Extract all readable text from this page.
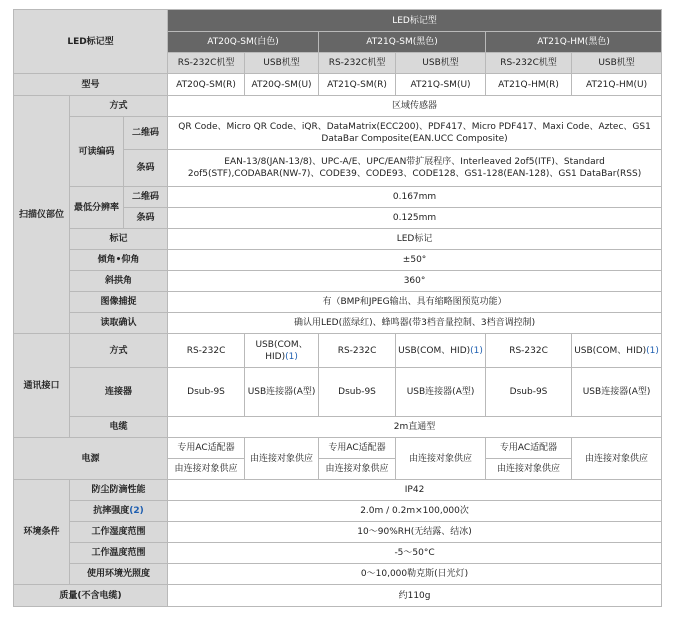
LED标记型			LED标记型					
			AT20Q-SM(白色)		AT21Q-SM(黑色)		AT21Q-HM(黑色)	
			RS-232C机型	USB机型	RS-232C机型	USB机型	RS-232C机型	USB机型
型号			AT20Q-SM(R)	AT20Q-SM(U)	AT21Q-SM(R)	AT21Q-SM(U)	AT21Q-HM(R)	AT21Q-HM(U)
扫描仪部位	方式		区域传感器					
	可读编码	二维码	QR Code、Micro QR Code、iQR、DataMatrix(ECC200)、PDF417、Micro PDF417、Maxi Code、Aztec、GS1 DataBar Composite(EAN.UCC Composite)					
		条码	EAN-13/8(JAN-13/8)、UPC-A/E、UPC/EAN带扩展程序、Interleaved 2of5(ITF)、Standard 2of5(STF),CODABAR(NW-7)、CODE39、CODE93、CODE128、GS1-128(EAN-128)、GS1 DataBar(RSS)					
	最低分辨率	二维码	0.167mm					
		条码	0.125mm					
	标记		LED标记					
	倾角•仰角		±50°					
	斜拱角		360°					
	图像捕捉		有（BMP和JPEG输出、具有缩略图预览功能）					
	读取确认		确认用LED(蓝绿红)、蜂鸣器(带3档音量控制、3档音调控制)					
通讯接口	方式		RS-232C	USB(COM、HID)(1)	RS-232C	USB(COM、HID)(1)	RS-232C	USB(COM、HID)(1)
	连接器		Dsub-9S	USB连接器(A型)	Dsub-9S	USB连接器(A型)	Dsub-9S	USB连接器(A型)
	电缆		2m直通型					
电源			专用AC适配器	由连接对象供应	专用AC适配器	由连接对象供应	专用AC适配器	由连接对象供应
			由连接对象供应		由连接对象供应		由连接对象供应	
环境条件	防尘防滴性能		IP42					
	抗摔强度(2)		2.0m / 0.2m×100,000次					
	工作湿度范围		10～90%RH(无结露、结冰)					
	工作温度范围		-5～50°C					
	使用环境光照度		0～10,000勒克斯(日光灯)					
质量(不含电缆)			约110g					
